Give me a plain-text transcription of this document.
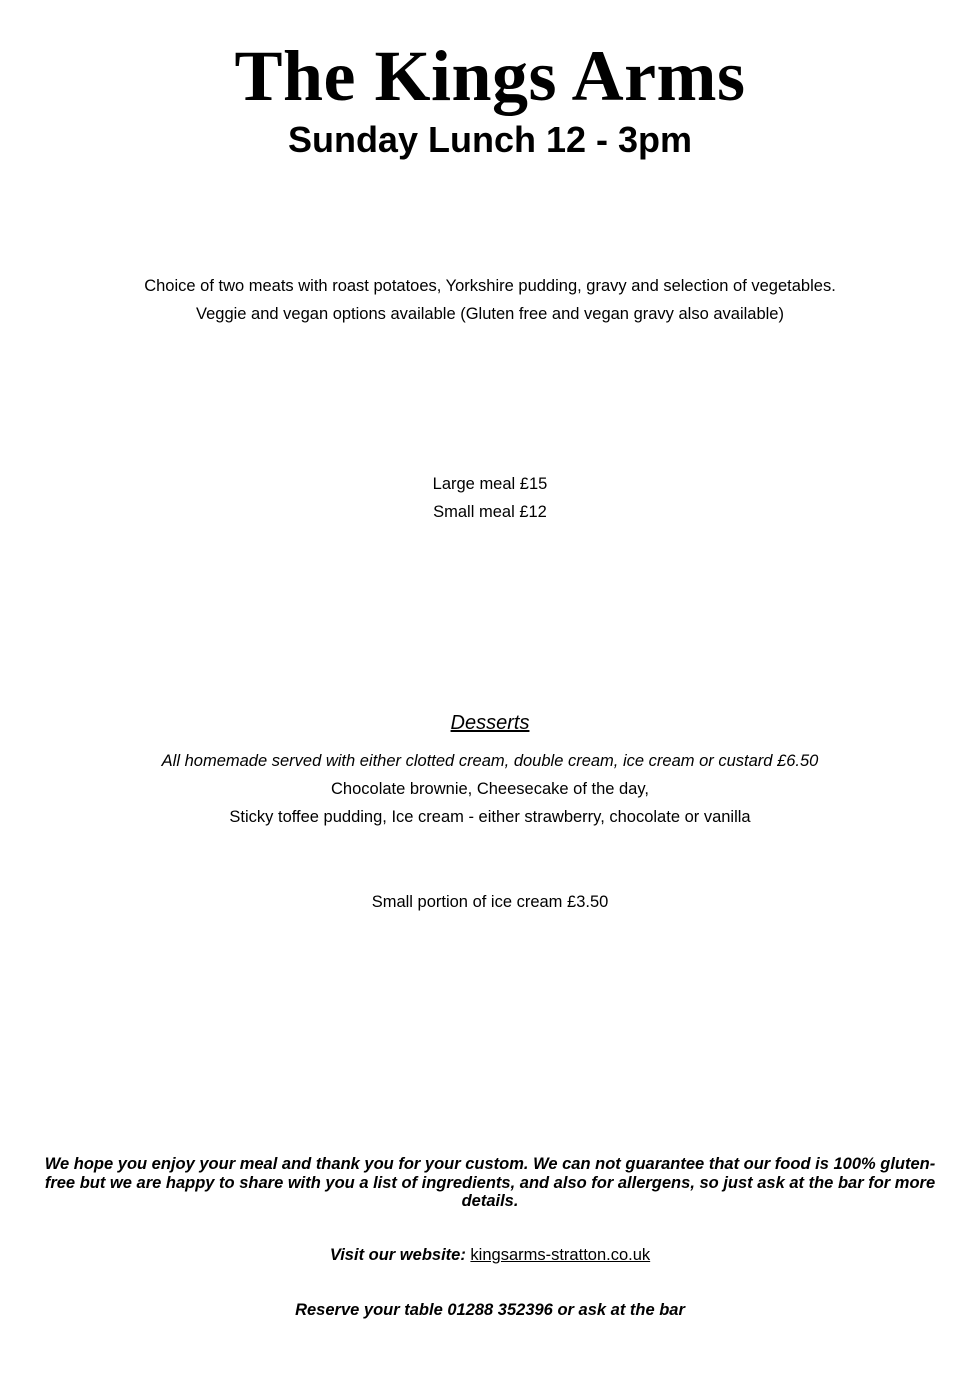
The Kings Arms
Sunday Lunch 12 - 3pm
Choice of two meats with roast potatoes, Yorkshire pudding, gravy and selection of vegetables.
Veggie and vegan options available (Gluten free and vegan gravy also available)
Large meal £15
Small meal £12
Desserts
All homemade served with either clotted cream, double cream, ice cream or custard £6.50
Chocolate brownie, Cheesecake of the day,
Sticky toffee pudding, Ice cream - either strawberry, chocolate or vanilla
Small portion of ice cream £3.50
We hope you enjoy your meal and thank you for your custom. We can not guarantee that our food is 100% gluten-free but we are happy to share with you a list of ingredients, and also for allergens, so just ask at the bar for more details.
Visit our website: kingsarms-stratton.co.uk
Reserve your table 01288 352396 or ask at the bar
